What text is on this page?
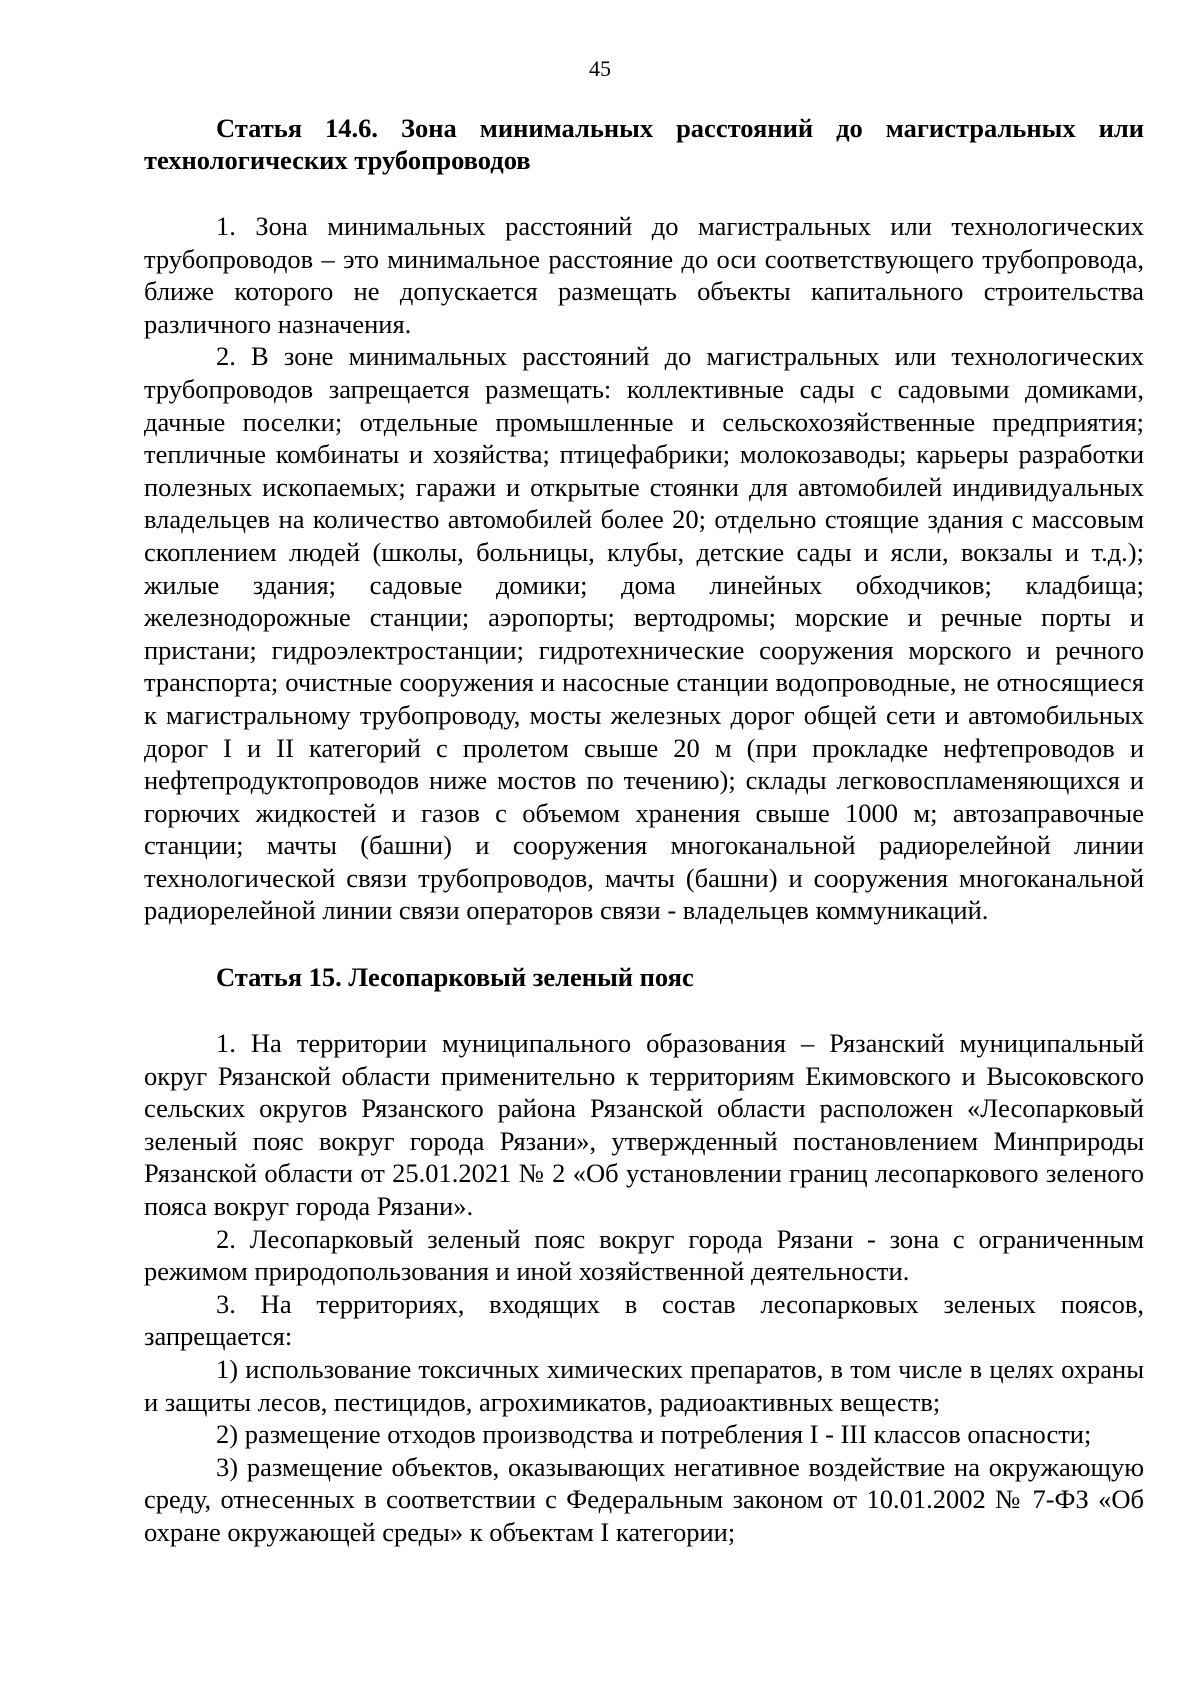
45
Статья 14.6. Зона минимальных расстояний до магистральных или технологических трубопроводов

1. Зона минимальных расстояний до магистральных или технологических трубопроводов – это минимальное расстояние до оси соответствующего трубопровода, ближе которого не допускается размещать объекты капитального строительства различного назначения.

2. В зоне минимальных расстояний до магистральных или технологических трубопроводов запрещается размещать: коллективные сады с садовыми домиками, дачные поселки; отдельные промышленные и сельскохозяйственные предприятия; тепличные комбинаты и хозяйства; птицефабрики; молокозаводы; карьеры разработки полезных ископаемых; гаражи и открытые стоянки для автомобилей индивидуальных владельцев на количество автомобилей более 20; отдельно стоящие здания с массовым скоплением людей (школы, больницы, клубы, детские сады и ясли, вокзалы и т.д.); жилые здания; садовые домики; дома линейных обходчиков; кладбища; железнодорожные станции; аэропорты; вертодромы; морские и речные порты и пристани; гидроэлектростанции; гидротехнические сооружения морского и речного транспорта; очистные сооружения и насосные станции водопроводные, не относящиеся к магистральному трубопроводу, мосты железных дорог общей сети и автомобильных дорог I и II категорий с пролетом свыше 20 м (при прокладке нефтепроводов и нефтепродуктопроводов ниже мостов по течению); склады легковоспламеняющихся и горючих жидкостей и газов с объемом хранения свыше 1000 м; автозаправочные станции; мачты (башни) и сооружения многоканальной радиорелейной линии технологической связи трубопроводов, мачты (башни) и сооружения многоканальной радиорелейной линии связи операторов связи - владельцев коммуникаций.

Статья 15. Лесопарковый зеленый пояс

1. На территории муниципального образования – Рязанский муниципальный округ Рязанской области применительно к территориям Екимовского и Высоковского сельских округов Рязанского района Рязанской области расположен «Лесопарковый зеленый пояс вокруг города Рязани», утвержденный постановлением Минприроды Рязанской области от 25.01.2021 № 2 «Об установлении границ лесопаркового зеленого пояса вокруг города Рязани».

2. Лесопарковый зеленый пояс вокруг города Рязани - зона с ограниченным режимом природопользования и иной хозяйственной деятельности.

3. На территориях, входящих в состав лесопарковых зеленых поясов, запрещается:

1) использование токсичных химических препаратов, в том числе в целях охраны и защиты лесов, пестицидов, агрохимикатов, радиоактивных веществ;

2) размещение отходов производства и потребления I - III классов опасности;

3) размещение объектов, оказывающих негативное воздействие на окружающую среду, отнесенных в соответствии с Федеральным законом от 10.01.2002 № 7-ФЗ «Об охране окружающей среды» к объектам I категории;
